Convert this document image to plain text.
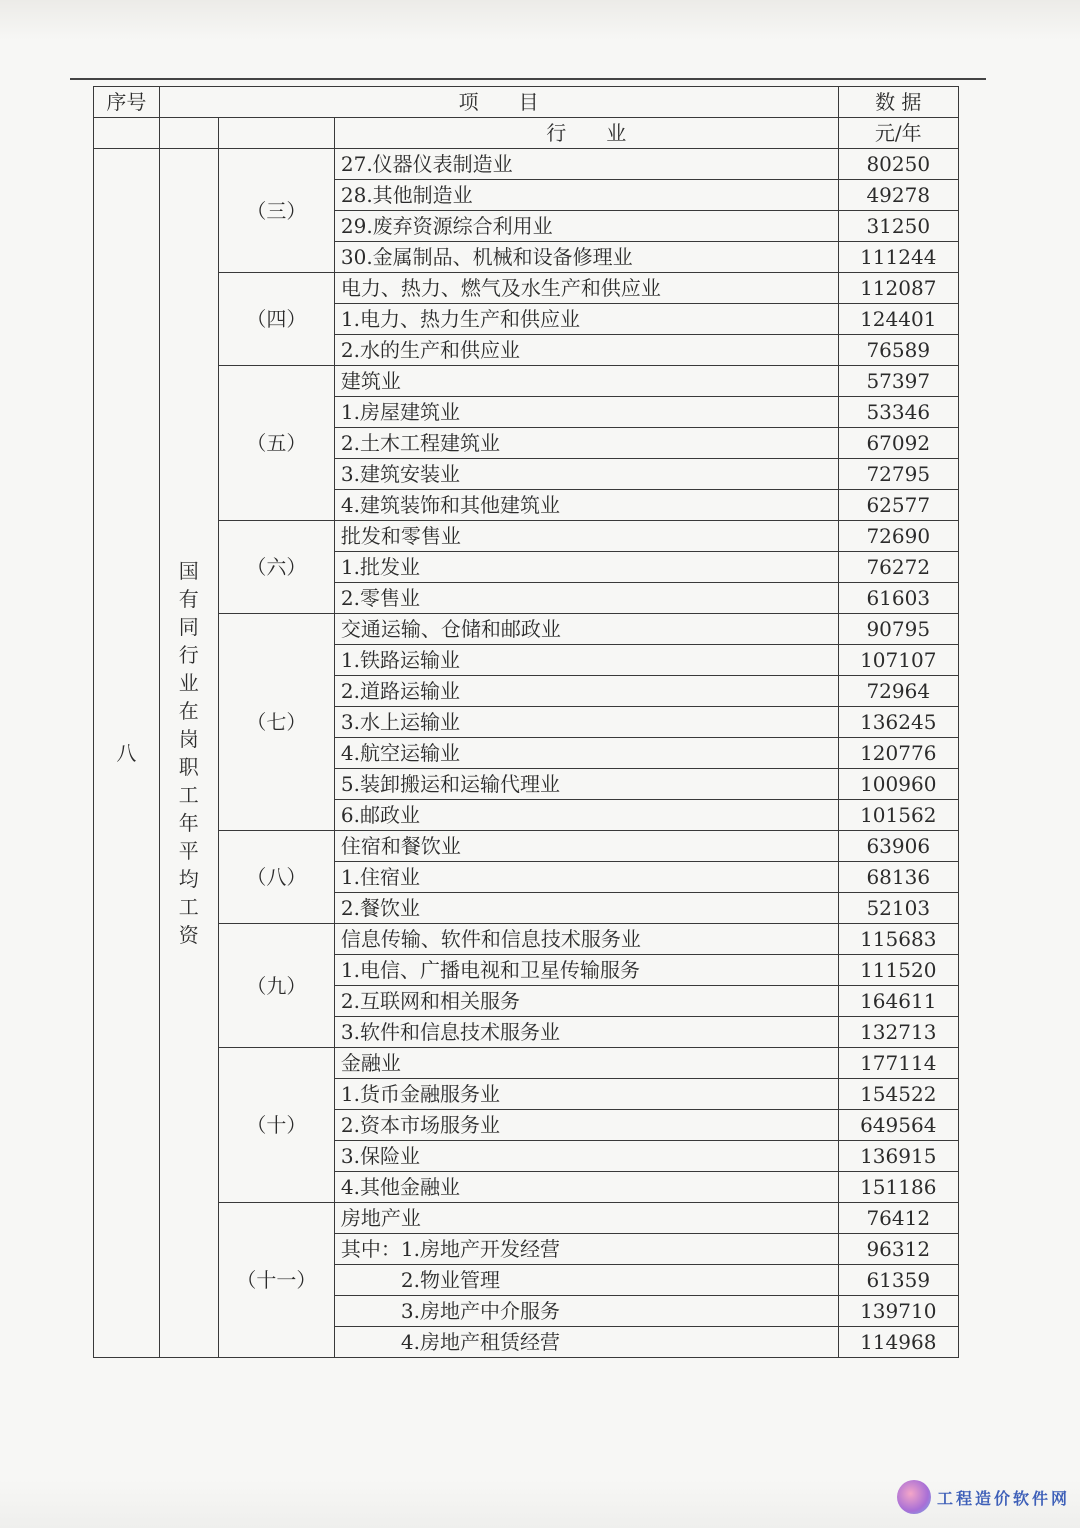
序号	项　　目			数 据
			行　　业	元/年
八	国有同行业在岗职工年平均工资	（三）	27.仪器仪表制造业	80250
			28.其他制造业	49278
			29.废弃资源综合利用业	31250
			30.金属制品、机械和设备修理业	111244
		（四）	电力、热力、燃气及水生产和供应业	112087
			1.电力、热力生产和供应业	124401
			2.水的生产和供应业	76589
		（五）	建筑业	57397
			1.房屋建筑业	53346
			2.土木工程建筑业	67092
			3.建筑安装业	72795
			4.建筑装饰和其他建筑业	62577
		（六）	批发和零售业	72690
			1.批发业	76272
			2.零售业	61603
		（七）	交通运输、仓储和邮政业	90795
			1.铁路运输业	107107
			2.道路运输业	72964
			3.水上运输业	136245
			4.航空运输业	120776
			5.装卸搬运和运输代理业	100960
			6.邮政业	101562
		（八）	住宿和餐饮业	63906
			1.住宿业	68136
			2.餐饮业	52103
		（九）	信息传输、软件和信息技术服务业	115683
			1.电信、广播电视和卫星传输服务	111520
			2.互联网和相关服务	164611
			3.软件和信息技术服务业	132713
		（十）	金融业	177114
			1.货币金融服务业	154522
			2.资本市场服务业	649564
			3.保险业	136915
			4.其他金融业	151186
		（十一）	房地产业	76412
			其中：1.房地产开发经营	96312
			2.物业管理	61359
			3.房地产中介服务	139710
			4.房地产租赁经营	114968
工程造价软件网
